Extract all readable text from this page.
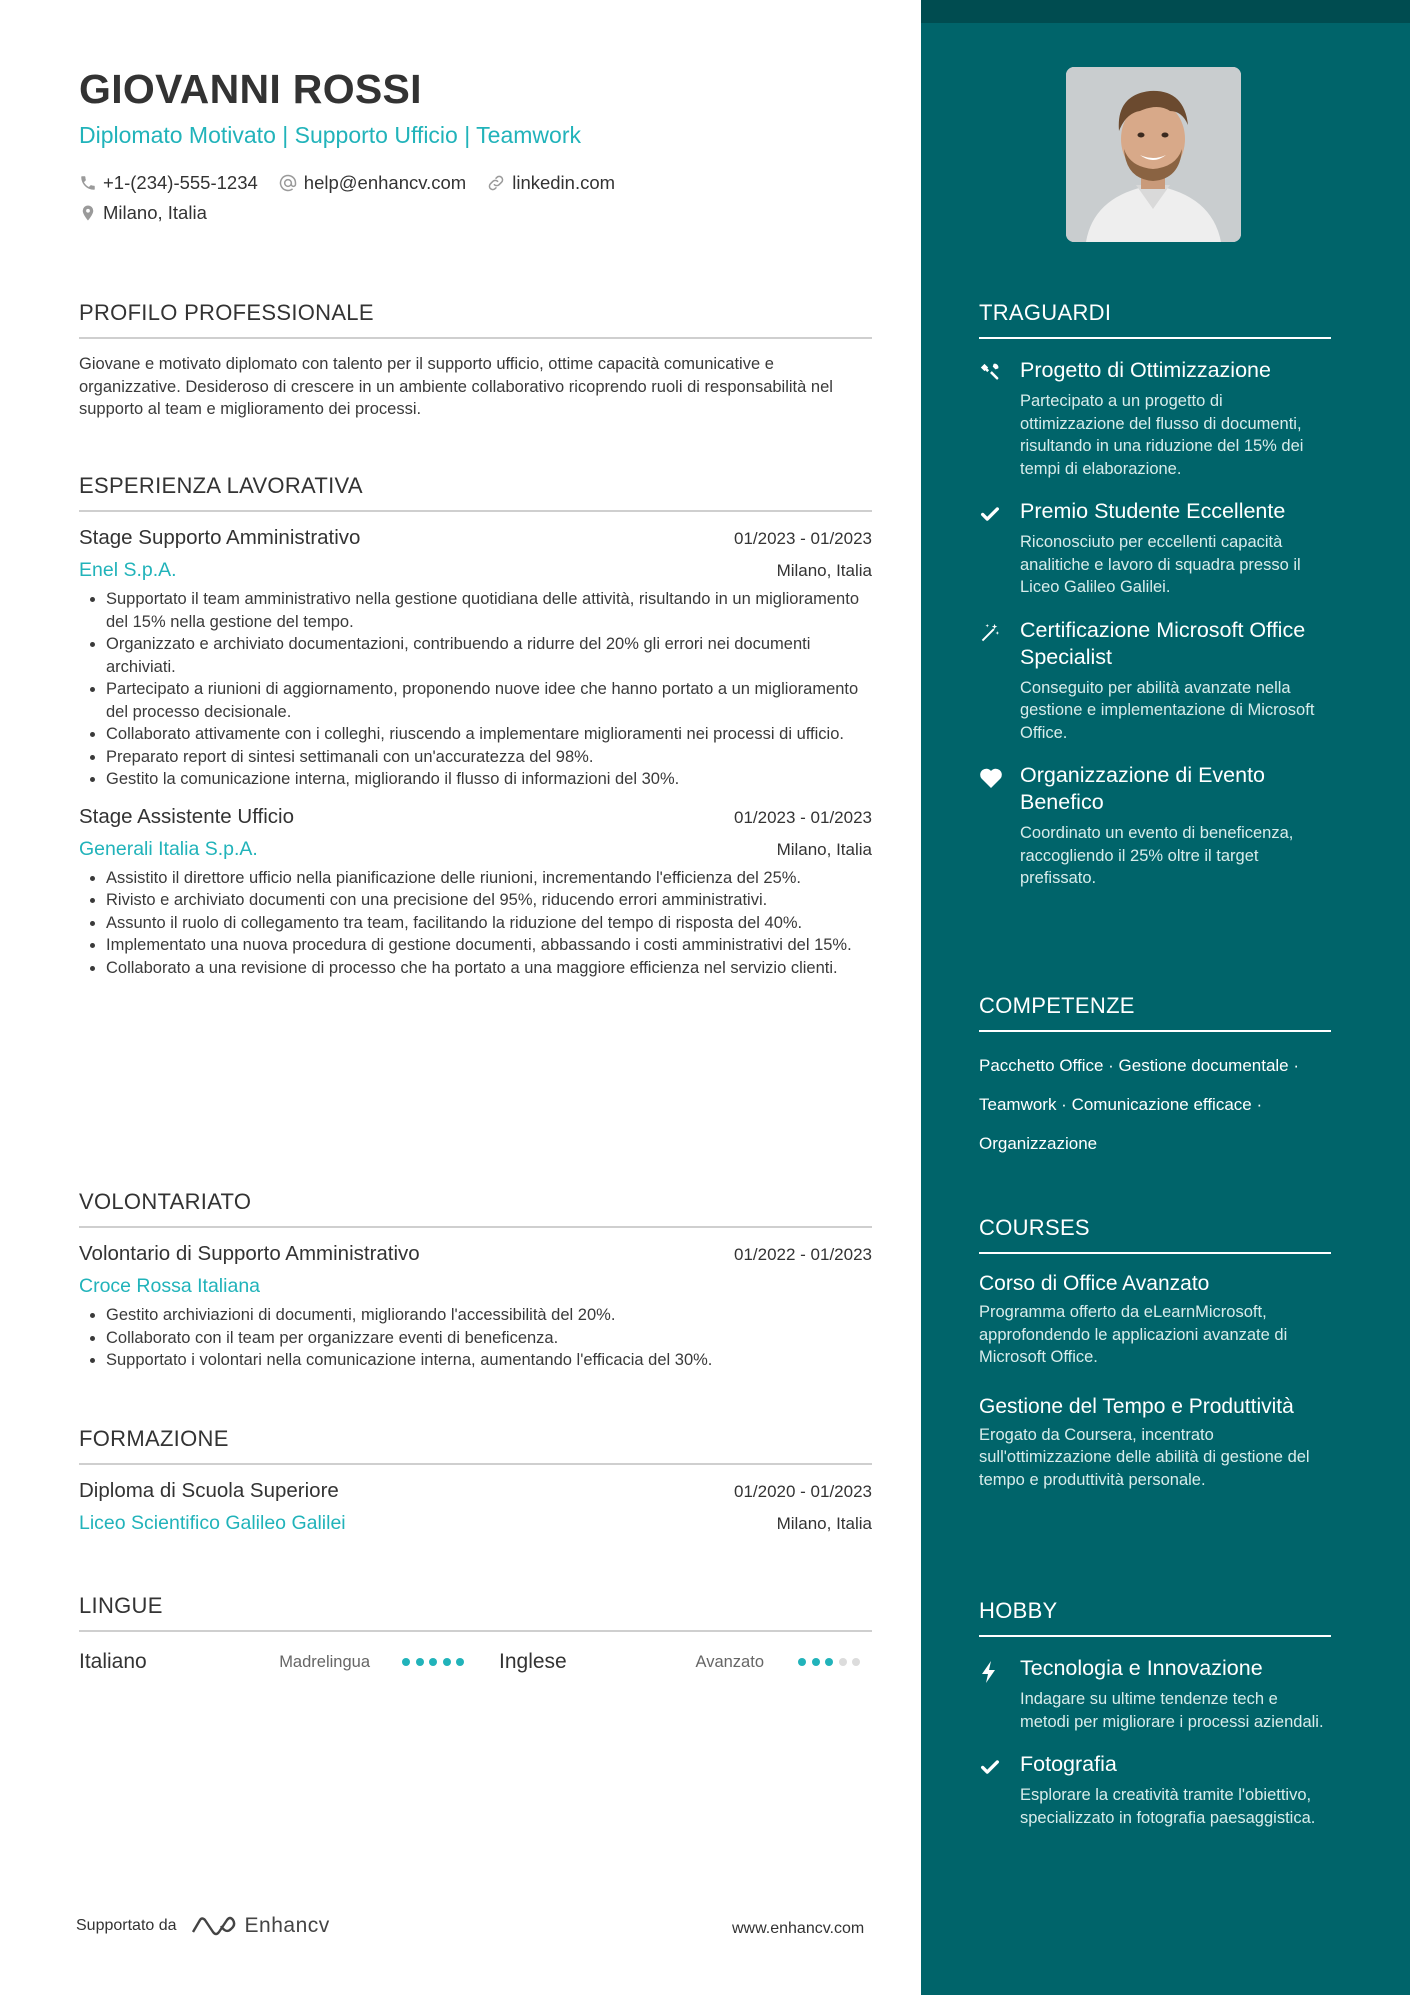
GIOVANNI ROSSI
Diplomato Motivato | Supporto Ufficio | Teamwork
+1-(234)-555-1234 help@enhancv.com linkedin.com
Milano, Italia
PROFILO PROFESSIONALE
Giovane e motivato diplomato con talento per il supporto ufficio, ottime capacità comunicative e organizzative. Desideroso di crescere in un ambiente collaborativo ricoprendo ruoli di responsabilità nel supporto al team e miglioramento dei processi.
ESPERIENZA LAVORATIVA
Stage Supporto Amministrativo	01/2023 - 01/2023
Enel S.p.A.	Milano, Italia
• Supportato il team amministrativo nella gestione quotidiana delle attività, risultando in un miglioramento del 15% nella gestione del tempo.
• Organizzato e archiviato documentazioni, contribuendo a ridurre del 20% gli errori nei documenti archiviati.
• Partecipato a riunioni di aggiornamento, proponendo nuove idee che hanno portato a un miglioramento del processo decisionale.
• Collaborato attivamente con i colleghi, riuscendo a implementare miglioramenti nei processi di ufficio.
• Preparato report di sintesi settimanali con un'accuratezza del 98%.
• Gestito la comunicazione interna, migliorando il flusso di informazioni del 30%.
Stage Assistente Ufficio	01/2023 - 01/2023
Generali Italia S.p.A.	Milano, Italia
• Assistito il direttore ufficio nella pianificazione delle riunioni, incrementando l'efficienza del 25%.
• Rivisto e archiviato documenti con una precisione del 95%, riducendo errori amministrativi.
• Assunto il ruolo di collegamento tra team, facilitando la riduzione del tempo di risposta del 40%.
• Implementato una nuova procedura di gestione documenti, abbassando i costi amministrativi del 15%.
• Collaborato a una revisione di processo che ha portato a una maggiore efficienza nel servizio clienti.
VOLONTARIATO
Volontario di Supporto Amministrativo	01/2022 - 01/2023
Croce Rossa Italiana
• Gestito archiviazioni di documenti, migliorando l'accessibilità del 20%.
• Collaborato con il team per organizzare eventi di beneficenza.
• Supportato i volontari nella comunicazione interna, aumentando l'efficacia del 30%.
FORMAZIONE
Diploma di Scuola Superiore	01/2020 - 01/2023
Liceo Scientifico Galileo Galilei	Milano, Italia
LINGUE
Italiano	Madrelingua	Inglese	Avanzato
Supportato da	Enhancv	www.enhancv.com
TRAGUARDI
Progetto di Ottimizzazione
Partecipato a un progetto di ottimizzazione del flusso di documenti, risultando in una riduzione del 15% dei tempi di elaborazione.
Premio Studente Eccellente
Riconosciuto per eccellenti capacità analitiche e lavoro di squadra presso il Liceo Galileo Galilei.
Certificazione Microsoft Office Specialist
Conseguito per abilità avanzate nella gestione e implementazione di Microsoft Office.
Organizzazione di Evento Benefico
Coordinato un evento di beneficenza, raccogliendo il 25% oltre il target prefissato.
COMPETENZE
Pacchetto Office · Gestione documentale ·
Teamwork · Comunicazione efficace ·
Organizzazione
COURSES
Corso di Office Avanzato
Programma offerto da eLearnMicrosoft, approfondendo le applicazioni avanzate di Microsoft Office.
Gestione del Tempo e Produttività
Erogato da Coursera, incentrato sull'ottimizzazione delle abilità di gestione del tempo e produttività personale.
HOBBY
Tecnologia e Innovazione
Indagare su ultime tendenze tech e metodi per migliorare i processi aziendali.
Fotografia
Esplorare la creatività tramite l'obiettivo, specializzato in fotografia paesaggistica.
